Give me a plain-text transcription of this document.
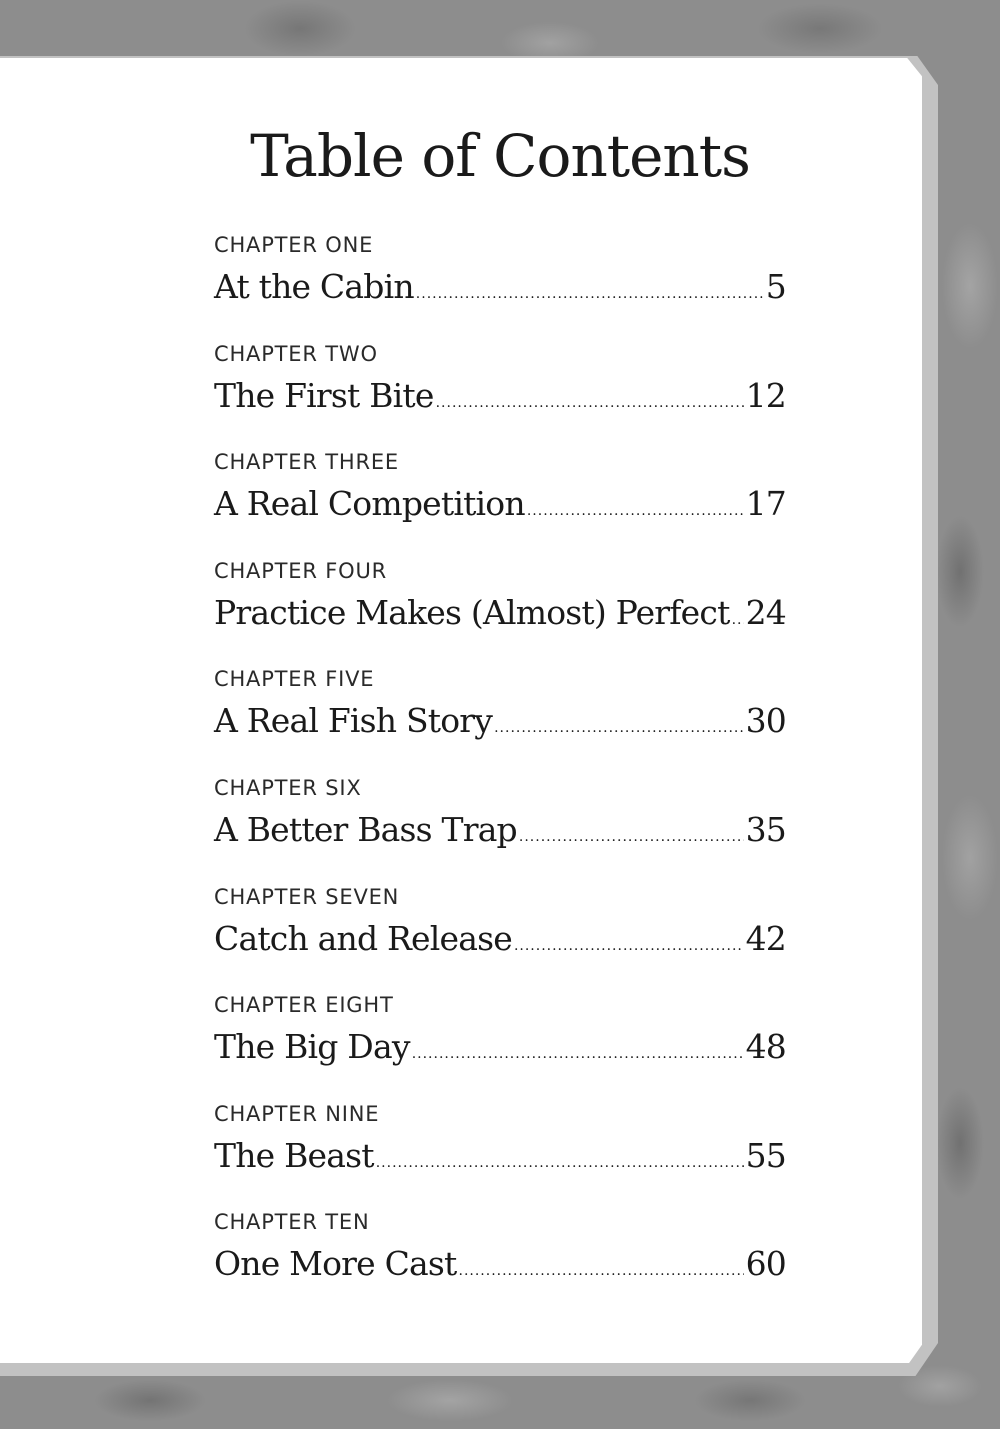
Table of Contents
CHAPTER ONE
At the Cabin .....	5
CHAPTER TWO
The First Bite .....	12
CHAPTER THREE
A Real Competition .....	17
CHAPTER FOUR
Practice Makes (Almost) Perfect ..... 24
CHAPTER FIVE
A Real Fish Story .....	30
CHAPTER SIX
A Better Bass Trap .....	35
CHAPTER SEVEN
Catch and Release .....	42
CHAPTER EIGHT
The Big Day .....	48
CHAPTER NINE
The Beast .....	55
CHAPTER TEN
One More Cast .....	60
